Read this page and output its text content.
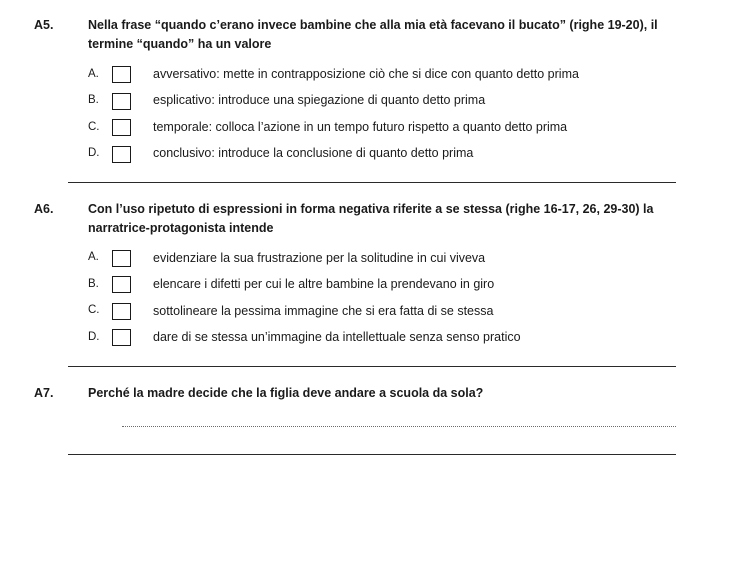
A5.	Nella frase “quando c’erano invece bambine che alla mia età facevano il bucato” (righe 19-20), il termine “quando” ha un valore
A.	avversativo: mette in contrapposizione ciò che si dice con quanto detto prima
B.	esplicativo: introduce una spiegazione di quanto detto prima
C.	temporale: colloca l’azione in un tempo futuro rispetto a quanto detto prima
D.	conclusivo: introduce la conclusione di quanto detto prima
A6.	Con l’uso ripetuto di espressioni in forma negativa riferite a se stessa (righe 16-17, 26, 29-30) la narratrice-protagonista intende
A.	evidenziare la sua frustrazione per la solitudine in cui viveva
B.	elencare i difetti per cui le altre bambine la prendevano in giro
C.	sottolineare la pessima immagine che si era fatta di se stessa
D.	dare di se stessa un’immagine da intellettuale senza senso pratico
A7.	Perché la madre decide che la figlia deve andare a scuola da sola?
